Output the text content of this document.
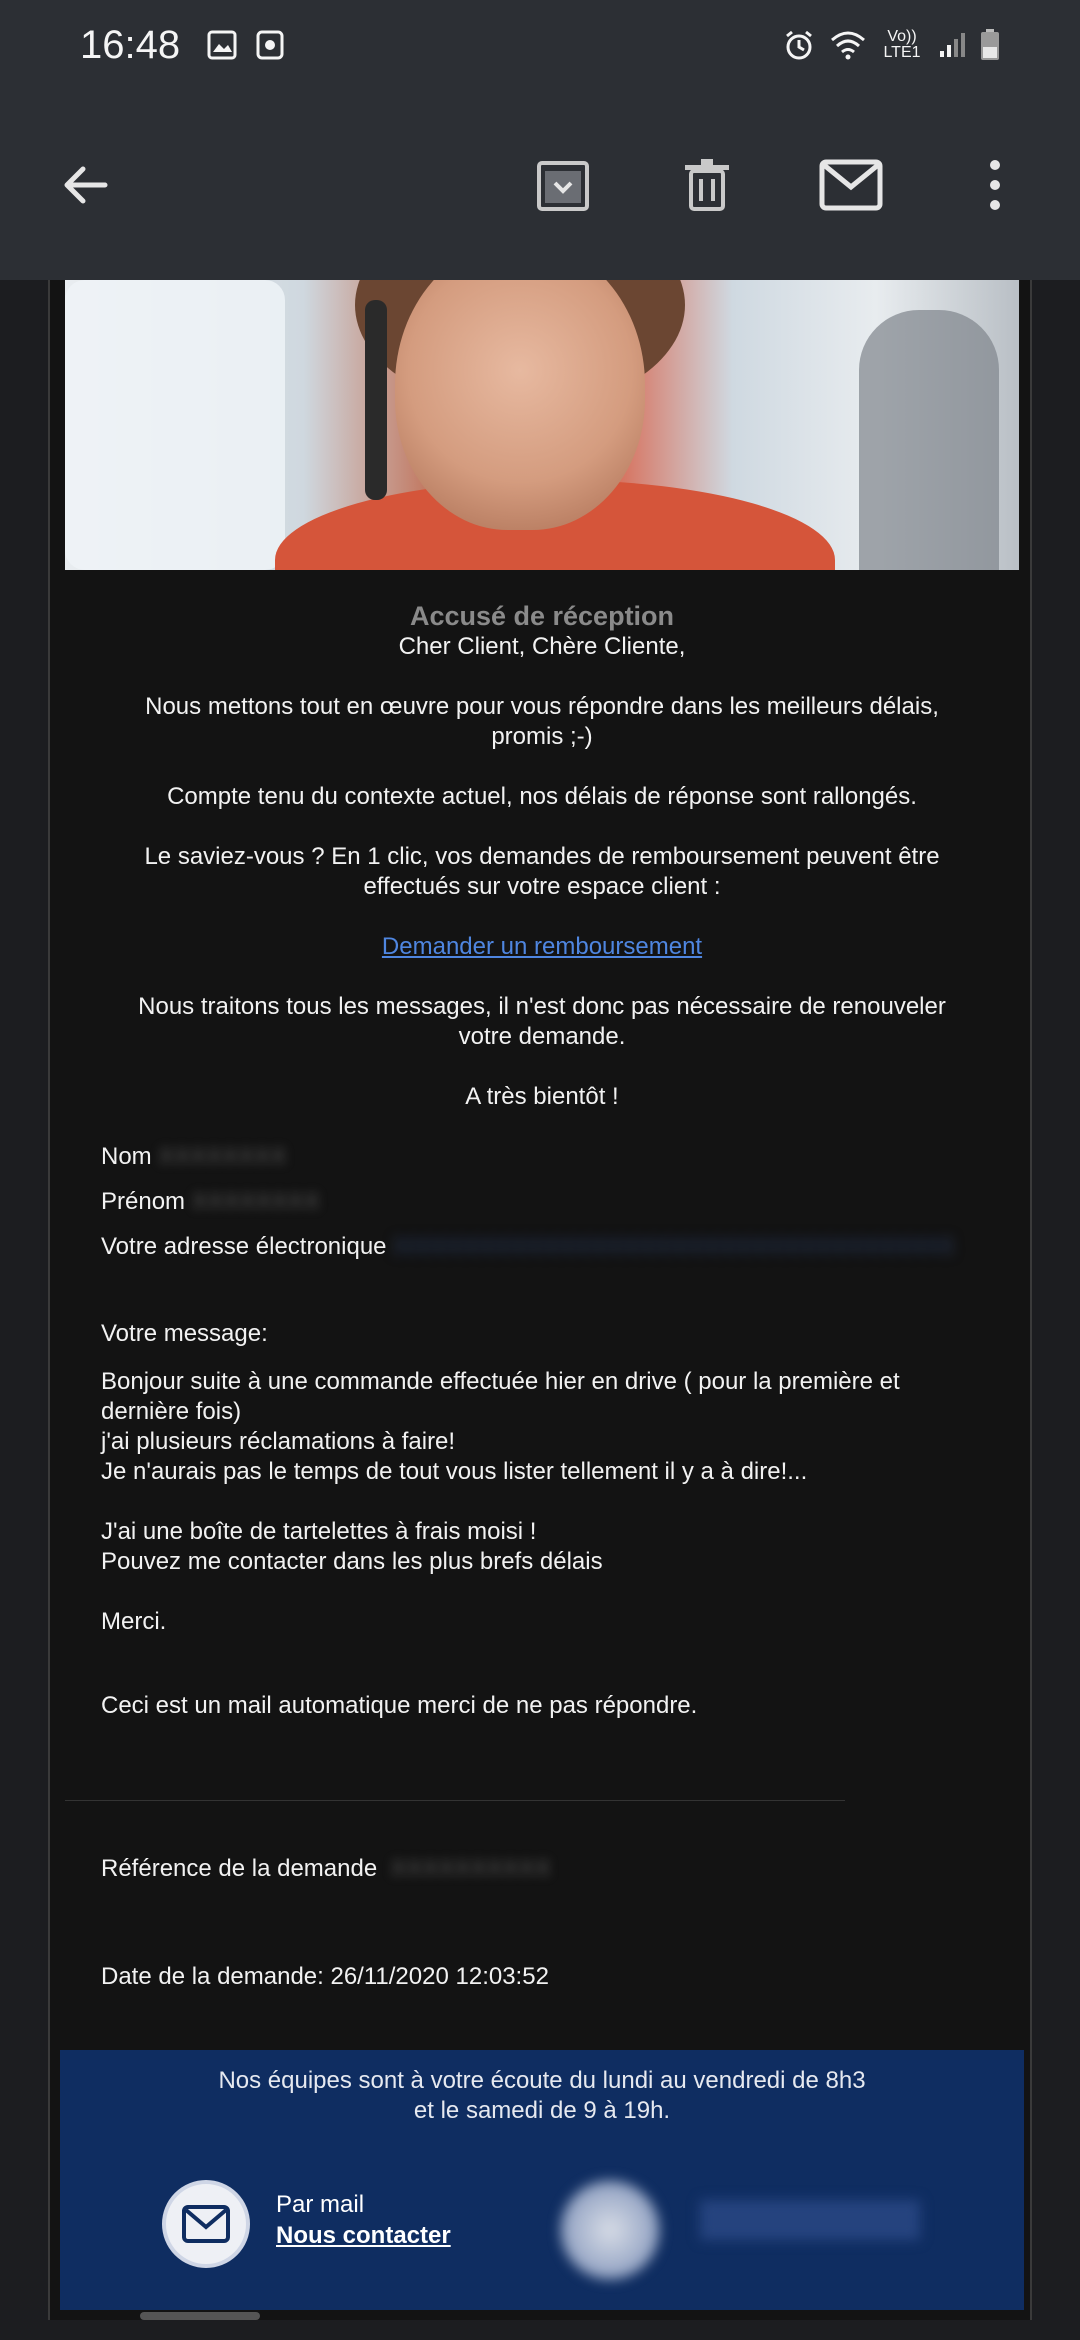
16:48	Vo)) LTE1
Accusé de réception
Cher Client, Chère Cliente,
Nous mettons tout en œuvre pour vous répondre dans les meilleurs délais, promis ;-)
Compte tenu du contexte actuel, nos délais de réponse sont rallongés.
Le saviez-vous ? En 1 clic, vos demandes de remboursement peuvent être effectués sur votre espace client :
Demander un remboursement
Nous traitons tous les messages, il n'est donc pas nécessaire de renouveler votre demande.
A très bientôt !
Nom XXXXXXXX
Prénom XXXXXXXX
Votre adresse électronique XXXXXXXXXXXXXXXXXXXXXXXXXXXXXXXXXXX
Votre message:
Bonjour suite à une commande effectuée hier en drive ( pour la première et
dernière fois)
j'ai plusieurs réclamations à faire!
Je n'aurais pas le temps de tout vous lister tellement il y a à dire!...
J'ai une boîte de tartelettes à frais moisi !
Pouvez me contacter dans les plus brefs délais
Merci.
Ceci est un mail automatique merci de ne pas répondre.
Référence de la demande  XXXXXXXXXX
Date de la demande: 26/11/2020 12:03:52
Nos équipes sont à votre écoute du lundi au vendredi de 8h3
et le samedi de 9 à 19h.
Par mail
Nous contacter
